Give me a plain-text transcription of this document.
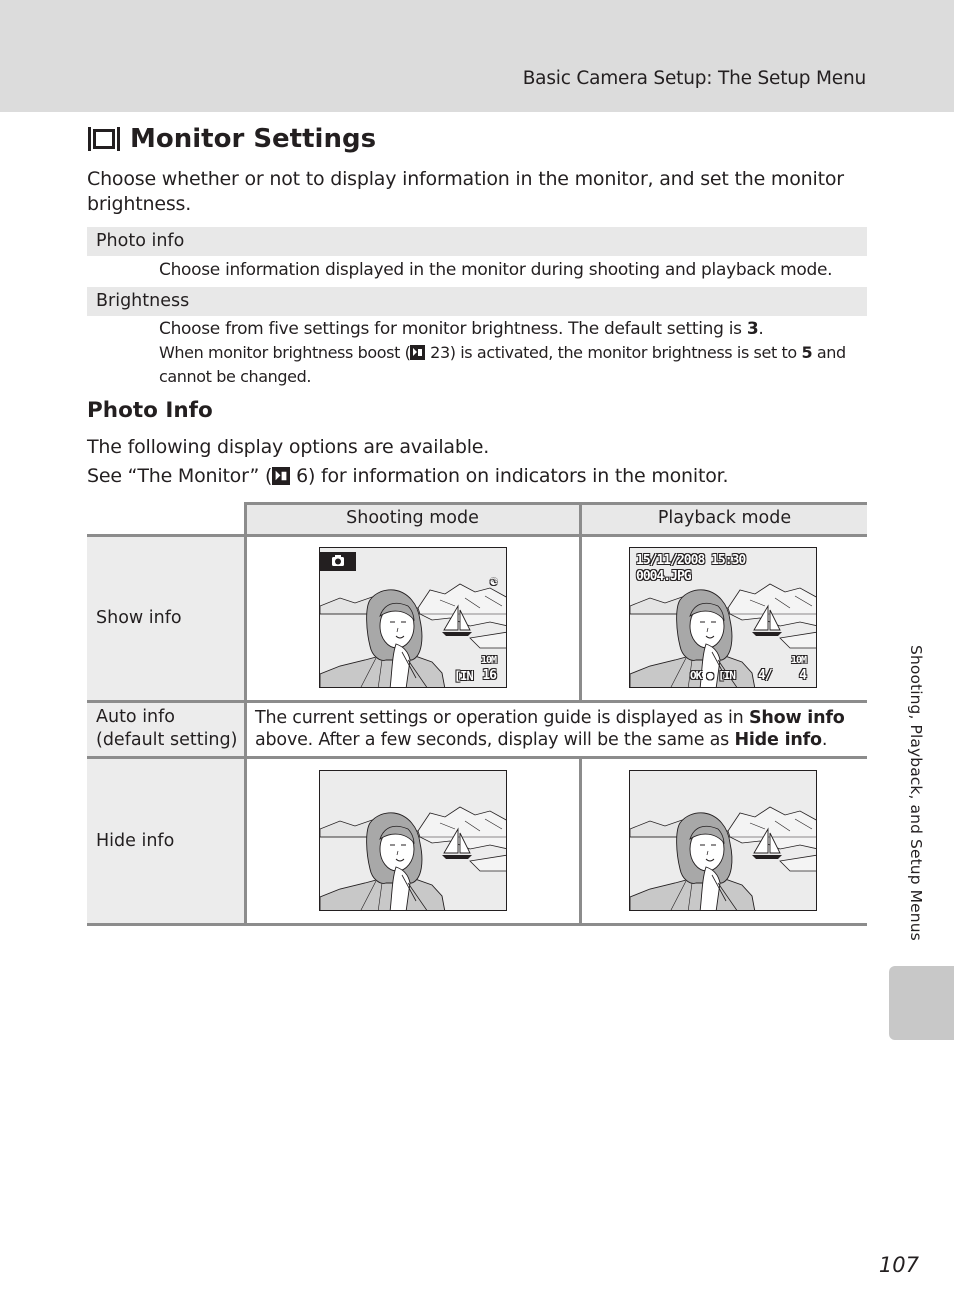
Basic Camera Setup: The Setup Menu
Monitor Settings
Choose whether or not to display information in the monitor, and set the monitor brightness.
Photo info
Choose information displayed in the monitor during shooting and playback mode.
Brightness
Choose from five settings for monitor brightness. The default setting is 3.
When monitor brightness boost ( 23) is activated, the monitor brightness is set to 5 and cannot be changed.
Photo Info
The following display options are available.
See “The Monitor” ( 6) for information on indicators in the monitor.
Shooting mode	Playback mode
Show info
Auto info
(default setting)
Hide info
The current settings or operation guide is displayed as in Show info above. After a few seconds, display will be the same as Hide info.
☯
10M
[IN 16
15/11/2008 15:30
0004.JPG
10M
OK ● [IN 4/ 4	Shooting, Playback, and Setup Menus
107
